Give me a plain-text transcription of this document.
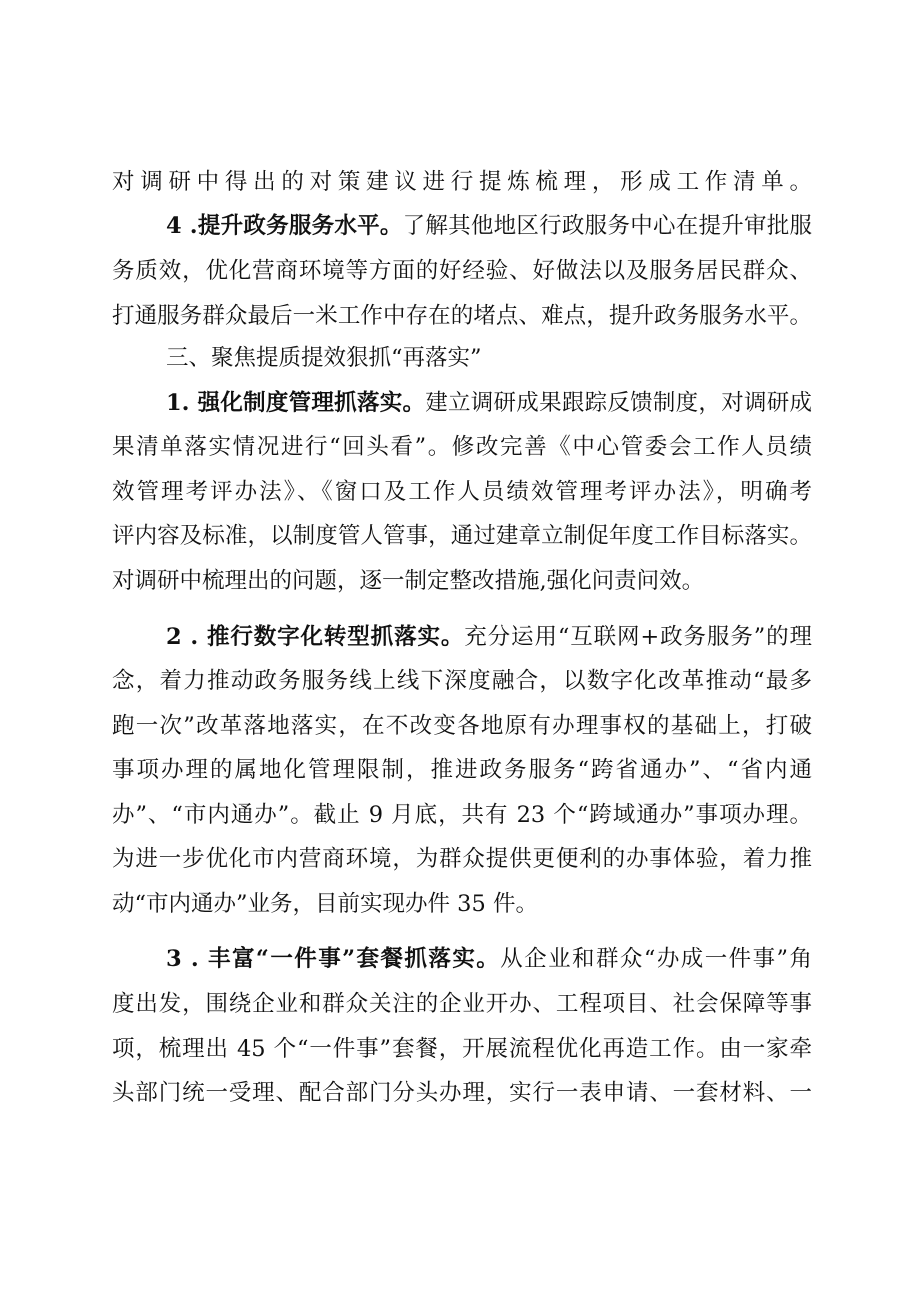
对调研中得出的对策建议进行提炼梳理，形成工作清单。
4 .提升政务服务水平。了解其他地区行政服务中心在提升审批服
务质效，优化营商环境等方面的好经验、好做法以及服务居民群众、
打通服务群众最后一米工作中存在的堵点、难点，提升政务服务水平。
三、聚焦提质提效狠抓“再落实”
1. 强化制度管理抓落实。建立调研成果跟踪反馈制度，对调研成
果清单落实情况进行“回头看”。修改完善《中心管委会工作人员绩
效管理考评办法》、《窗口及工作人员绩效管理考评办法》，明确考
评内容及标准，以制度管人管事，通过建章立制促年度工作目标落实。
对调研中梳理出的问题，逐一制定整改措施,强化问责问效。
2 . 推行数字化转型抓落实。充分运用“互联网+政务服务”的理
念，着力推动政务服务线上线下深度融合，以数字化改革推动“最多
跑一次”改革落地落实，在不改变各地原有办理事权的基础上，打破
事项办理的属地化管理限制，推进政务服务“跨省通办”、“省内通
办”、“市内通办”。截止 9 月底，共有 23 个“跨域通办”事项办理。
为进一步优化市内营商环境，为群众提供更便利的办事体验，着力推
动“市内通办”业务，目前实现办件 35 件。
3 . 丰富“一件事”套餐抓落实。从企业和群众“办成一件事”角
度出发，围绕企业和群众关注的企业开办、工程项目、社会保障等事
项，梳理出 45 个“一件事”套餐，开展流程优化再造工作。由一家牵
头部门统一受理、配合部门分头办理，实行一表申请、一套材料、一
